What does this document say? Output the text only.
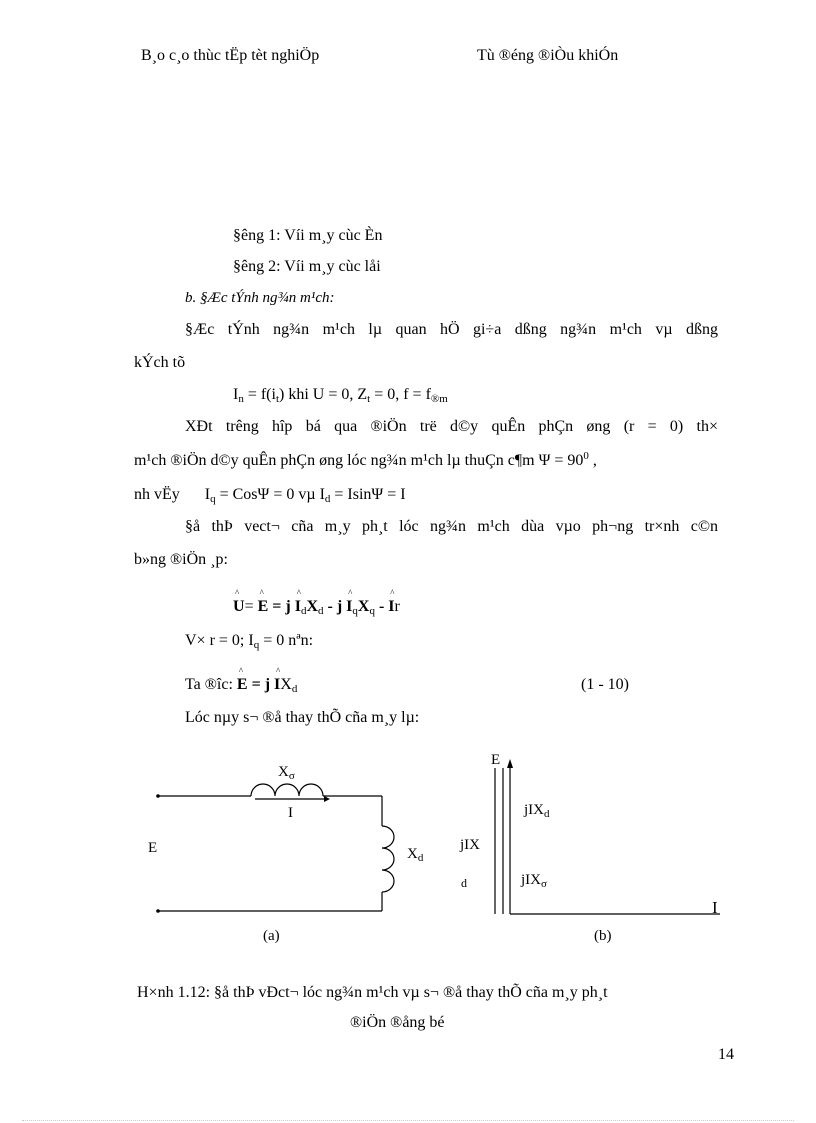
B¸o c¸o thùc tËp tèt nghiÖp	Tù ®éng ®iÒu khiÓn
§êng 1: Víi m¸y cùc Èn
§êng 2: Víi m¸y cùc låi
b. §Æc tÝnh ng¾n m¹ch:
§Æc tÝnh ng¾n m¹ch lµ quan hÖ gi÷a dßng ng¾n m¹ch vµ dßng
kÝch tõ
$I_n = f(i_t)$ khi U = 0, $Z_t = 0$, $f = f_{®m}$
XÐt trêng hîp bá qua ®iÖn trë d©y quÊn phÇn øng (r = 0) th×
m¹ch ®iÖn d©y quÊn phÇn øng lóc ng¾n m¹ch lµ thuÇn c¶m $\Psi = 90^0$ ,
nh vËy $I_q = Cos\Psi = 0$ vµ $I_d = Isin\Psi = I$
§å thÞ vect¬ cña m¸y ph¸t lóc ng¾n m¹ch dùa vµo ph¬ng tr×nh c©n
b»ng ®iÖn ¸p:
^ U= ^ E = j ^ $I_dX_d$ - j ^ $I_qX_q$ - ^ Ir
V× r = 0; $I_q = 0$ nªn:
Ta ®îc: ^ E = j ^ $IX_d$	(1 - 10)
Lóc nµy s¬ ®å thay thÕ cña m¸y lµ:
$X_\sigma$
I
E	$X_d$
(a)
E
jIX$_d$
jIX
d	jIX$_\sigma$
I
(b)
H×nh 1.12: §å thÞ vÐct¬ lóc ng¾n m¹ch vµ s¬ ®å thay thÕ cña m¸y ph¸t
®iÖn ®ång bé
14
